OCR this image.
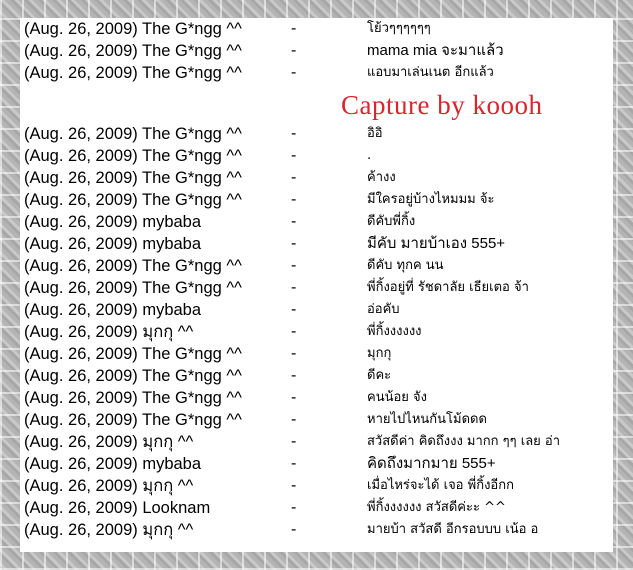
(Aug. 26, 2009) The G*ngg ^^	-	โย้วๆๆๆๆๆๆ
(Aug. 26, 2009) The G*ngg ^^	-	mama mia จะมาแล้ว
(Aug. 26, 2009) The G*ngg ^^	-	แอบมาเล่นเนต อีกแล้ว
Capture by koooh
(Aug. 26, 2009) The G*ngg ^^	-	อิอิ
(Aug. 26, 2009) The G*ngg ^^	-	.
(Aug. 26, 2009) The G*ngg ^^	-	ค้างง
(Aug. 26, 2009) The G*ngg ^^	-	มีใครอยู่บ้างไหมมม จ้ะ
(Aug. 26, 2009) mybaba	-	ดีคับพี่กิ้ง
(Aug. 26, 2009) mybaba	-	มีคับ มายบ้าเอง 555+
(Aug. 26, 2009) The G*ngg ^^	-	ดีคับ ทุกค นน
(Aug. 26, 2009) The G*ngg ^^	-	พี่กิ้งอยู่ที่ รัชดาลัย เธียเตอ จ้า
(Aug. 26, 2009) mybaba	-	อ่อคับ
(Aug. 26, 2009) มุกกุ ^^	-	พี่กิ้งงงงงง
(Aug. 26, 2009) The G*ngg ^^	-	มุกกุ
(Aug. 26, 2009) The G*ngg ^^	-	ดีคะ
(Aug. 26, 2009) The G*ngg ^^	-	คนน้อย จัง
(Aug. 26, 2009) The G*ngg ^^	-	หายไปไหนกันโม้ดดด
(Aug. 26, 2009) มุกกุ ^^	-	สวัสดีค่า คิดถึงงง มากก ๆๆ เลย อ่า
(Aug. 26, 2009) mybaba	-	คิดถึงมากมาย 555+
(Aug. 26, 2009) มุกกุ ^^	-	เมื่อไหร่จะได้ เจอ พี่กิ้งอีกก
(Aug. 26, 2009) Looknam	-	พี่กิ้งงงงงง สวัสดีค่ะะ ^^
(Aug. 26, 2009) มุกกุ ^^	-	มายบ้า สวัสดี อีกรอบบบ เน้อ อ
